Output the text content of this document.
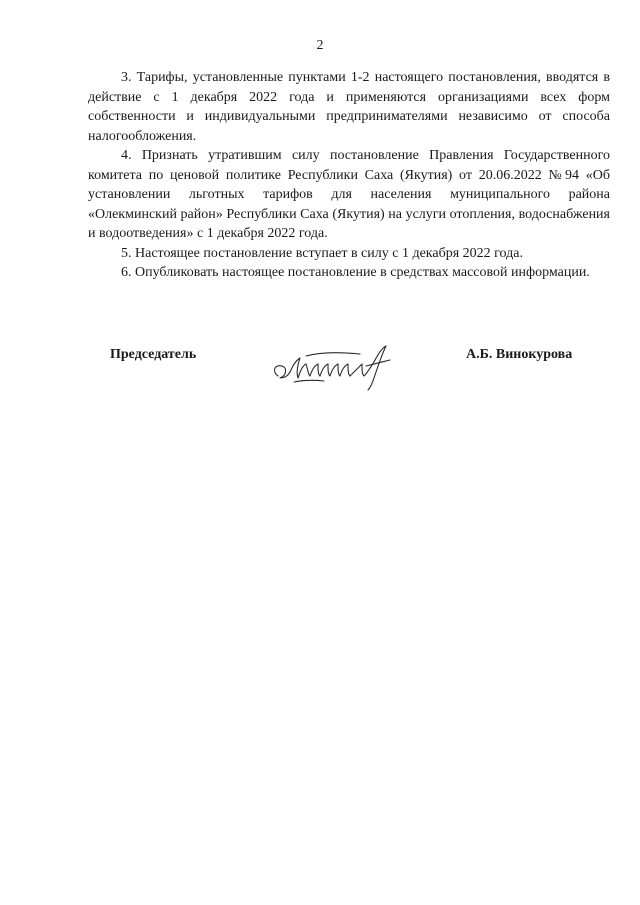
2

3. Тарифы, установленные пунктами 1-2 настоящего постановления, вводятся в действие с 1 декабря 2022 года и применяются организациями всех форм собственности и индивидуальными предпринимателями независимо от способа налогообложения.

4. Признать утратившим силу постановление Правления Государственного комитета по ценовой политике Республики Саха (Якутия) от 20.06.2022 №94 «Об установлении льготных тарифов для населения муниципального района «Олекминский район» Республики Саха (Якутия) на услуги отопления, водоснабжения и водоотведения» с 1 декабря 2022 года.

5. Настоящее постановление вступает в силу с 1 декабря 2022 года.

6. Опубликовать настоящее постановление в средствах массовой информации.

Председатель	А.Б. Винокурова
